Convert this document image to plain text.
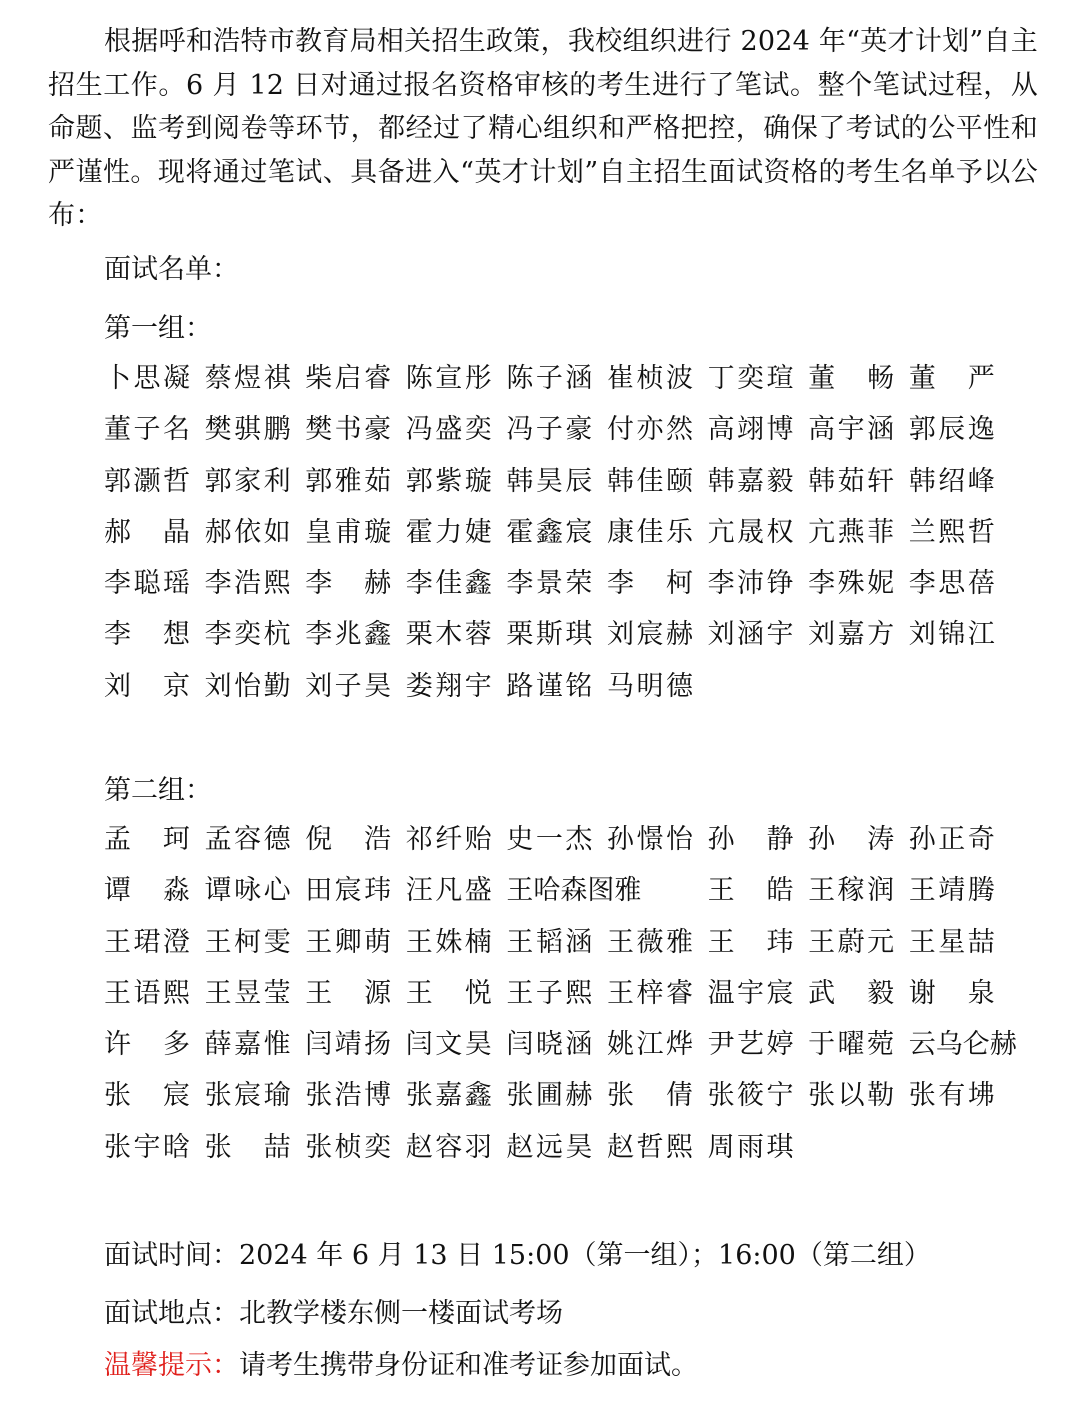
根据呼和浩特市教育局相关招生政策，我校组织进行 2024 年“英才计划”自主招生工作。6 月 12 日对通过报名资格审核的考生进行了笔试。整个笔试过程，从命题、监考到阅卷等环节，都经过了精心组织和严格把控，确保了考试的公平性和严谨性。现将通过笔试、具备进入“英才计划”自主招生面试资格的考生名单予以公布：

面试名单：

第一组：

卜思凝 蔡煜祺 柴启睿 陈宣彤 陈子涵 崔桢波 丁奕瑄 董　畅 董　严
董子名 樊骐鹏 樊书豪 冯盛奕 冯子豪 付亦然 高翊博 高宇涵 郭辰逸
郭灏哲 郭家利 郭雅茹 郭紫璇 韩昊辰 韩佳颐 韩嘉毅 韩茹轩 韩绍峰
郝　晶 郝依如 皇甫璇 霍力婕 霍鑫宸 康佳乐 亢晟权 亢燕菲 兰熙哲
李聪瑶 李浩熙 李　赫 李佳鑫 李景荣 李　柯 李沛铮 李殊妮 李思蓓
李　想 李奕杭 李兆鑫 栗木蓉 栗斯琪 刘宸赫 刘涵宇 刘嘉方 刘锦江
刘　京 刘怡勤 刘子昊 娄翔宇 路谨铭 马明德

第二组：

孟　珂 孟容德 倪　浩 祁纤贻 史一杰 孙憬怡 孙　静 孙 涛 孙正奇
谭　淼 谭咏心 田宸玮 汪凡盛 王哈森图雅	王　皓 王稼润 王靖腾
王珺澄 王柯雯 王卿萌 王姝楠 王韬涵 王薇雅 王　玮 王蔚元 王星喆
王语熙 王昱莹 王　源 王　悦 王子熙 王梓睿 温宇宸 武　毅 谢　泉
许　多 薛嘉惟 闫靖扬 闫文昊 闫晓涵 姚江烨 尹艺婷 于曜菀 云乌仑赫
张　宸 张宸瑜 张浩博 张嘉鑫 张圃赫 张　倩 张筱宁 张以勒 张有坲
张宇晗 张　喆 张桢奕 赵容羽 赵远昊 赵哲熙 周雨琪

面试时间：2024 年 6 月 13 日 15:00（第一组）；16:00（第二组）

面试地点：北教学楼东侧一楼面试考场

温馨提示：请考生携带身份证和准考证参加面试。
